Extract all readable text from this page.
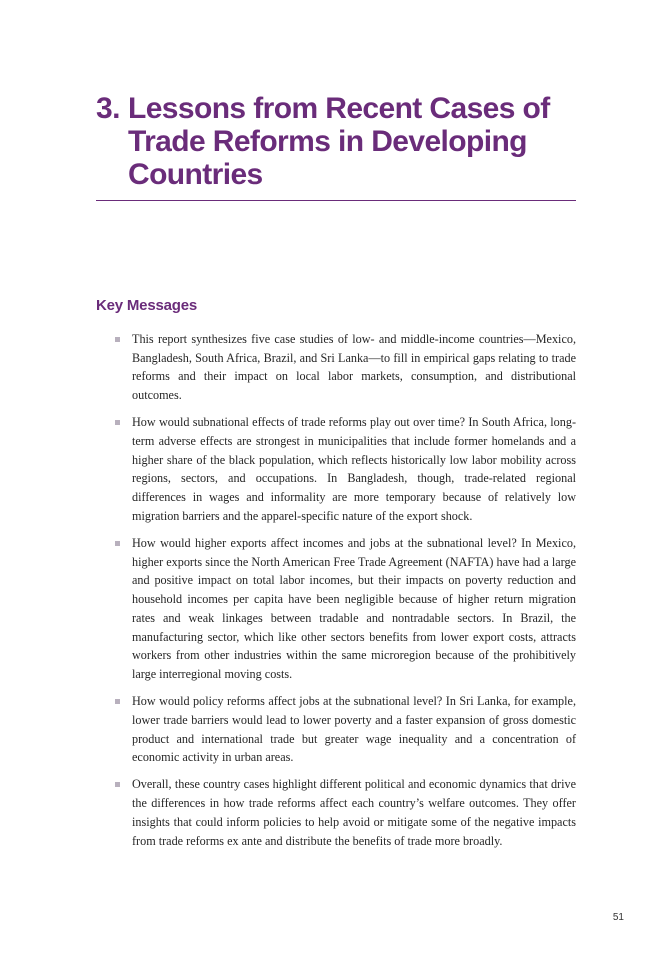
3. Lessons from Recent Cases of
Trade Reforms in Developing
Countries
Key Messages
This report synthesizes five case studies of low- and middle-income countries—Mexico, Bangladesh, South Africa, Brazil, and Sri Lanka—to fill in empirical gaps relating to trade reforms and their impact on local labor markets, consumption, and distributional outcomes.
How would subnational effects of trade reforms play out over time? In South Africa, long-term adverse effects are strongest in municipalities that include former homelands and a higher share of the black population, which reflects historically low labor mobility across regions, sectors, and occupations. In Bangladesh, though, trade-related regional differences in wages and informality are more temporary because of relatively low migration barriers and the apparel-specific nature of the export shock.
How would higher exports affect incomes and jobs at the subnational level? In Mexico, higher exports since the North American Free Trade Agreement (NAFTA) have had a large and positive impact on total labor incomes, but their impacts on poverty reduction and household incomes per capita have been negligible because of higher return migration rates and weak linkages between tradable and nontradable sectors. In Brazil, the manufacturing sector, which like other sectors benefits from lower export costs, attracts workers from other industries within the same microregion because of the prohibitively large interregional moving costs.
How would policy reforms affect jobs at the subnational level? In Sri Lanka, for example, lower trade barriers would lead to lower poverty and a faster expansion of gross domestic product and international trade but greater wage inequality and a concentration of economic activity in urban areas.
Overall, these country cases highlight different political and economic dynamics that drive the differences in how trade reforms affect each country’s welfare outcomes. They offer insights that could inform policies to help avoid or mitigate some of the negative impacts from trade reforms ex ante and distribute the benefits of trade more broadly.
51
